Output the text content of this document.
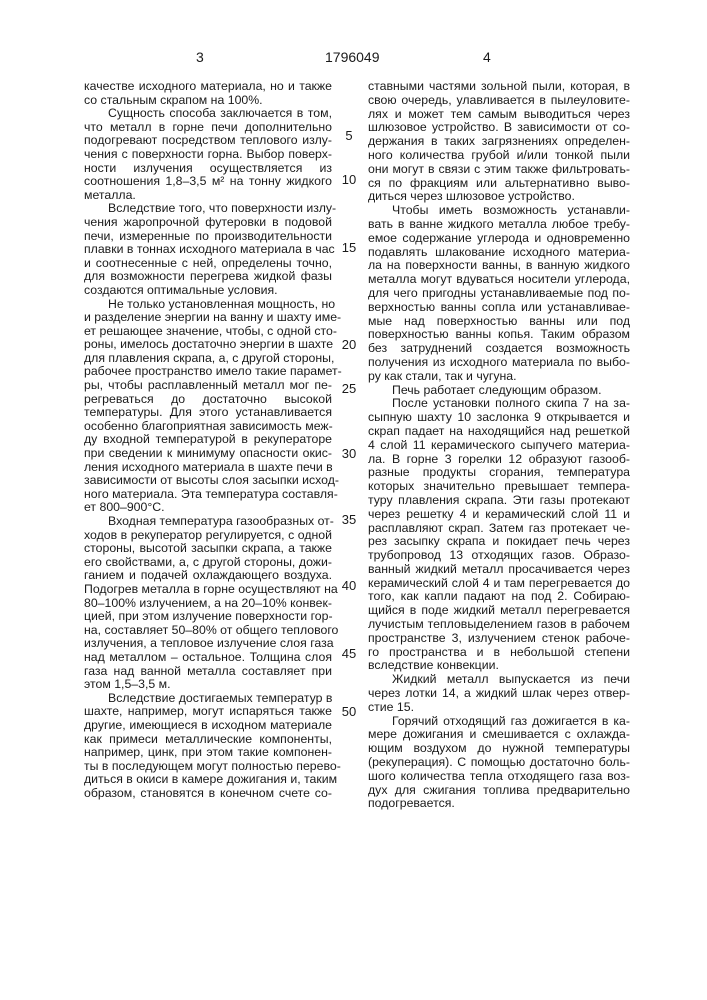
3	1796049	4
качестве исходного материала, но и также
со стальным скрапом на 100%.
Сущность способа заключается в том,
что металл в горне печи дополнительно
подогревают посредством теплового излу-
чения с поверхности горна. Выбор поверх-
ности излучения осуществляется из
соотношения 1,8–3,5 м² на тонну жидкого
металла.
Вследствие того, что поверхности излу-
чения жаропрочной футеровки в подовой
печи, измеренные по производительности
плавки в тоннах исходного материала в час
и соотнесенные с ней, определены точно,
для возможности перегрева жидкой фазы
создаются оптимальные условия.
Не только установленная мощность, но
и разделение энергии на ванну и шахту име-
ет решающее значение, чтобы, с одной сто-
роны, имелось достаточно энергии в шахте
для плавления скрапа, а, с другой стороны,
рабочее пространство имело такие парамет-
ры, чтобы расплавленный металл мог пе-
регреваться до достаточно высокой
температуры. Для этого устанавливается
особенно благоприятная зависимость меж-
ду входной температурой в рекуператоре
при сведении к минимуму опасности окис-
ления исходного материала в шахте печи в
зависимости от высоты слоя засыпки исход-
ного материала. Эта температура составля-
ет 800–900°С.
Входная температура газообразных от-
ходов в рекуператор регулируется, с одной
стороны, высотой засыпки скрапа, а также
его свойствами, а, с другой стороны, дожи-
ганием и подачей охлаждающего воздуха.
Подогрев металла в горне осуществляют на
80–100% излучением, а на 20–10% конвек-
цией, при этом излучение поверхности гор-
на, составляет 50–80% от общего теплового
излучения, а тепловое излучение слоя газа
над металлом – остальное. Толщина слоя
газа над ванной металла составляет при
этом 1,5–3,5 м.
Вследствие достигаемых температур в
шахте, например, могут испаряться также
другие, имеющиеся в исходном материале
как примеси металлические компоненты,
например, цинк, при этом такие компонен-
ты в последующем могут полностью перево-
диться в окиси в камере дожигания и, таким
образом, становятся в конечном счете со-
ставными частями зольной пыли, которая, в
свою очередь, улавливается в пылеуловите-
лях и может тем самым выводиться через
шлюзовое устройство. В зависимости от со-
держания в таких загрязнениях определен-
ного количества грубой и/или тонкой пыли
они могут в связи с этим также фильтровать-
ся по фракциям или альтернативно выво-
диться через шлюзовое устройство.
Чтобы иметь возможность устанавли-
вать в ванне жидкого металла любое требу-
емое содержание углерода и одновременно
подавлять шлакование исходного материа-
ла на поверхности ванны, в ванную жидкого
металла могут вдуваться носители углерода,
для чего пригодны устанавливаемые под по-
верхностью ванны сопла или устанавливае-
мые над поверхностью ванны или под
поверхностью ванны копья. Таким образом
без затруднений создается возможность
получения из исходного материала по выбо-
ру как стали, так и чугуна.
Печь работает следующим образом.
После установки полного скипа 7 на за-
сыпную шахту 10 заслонка 9 открывается и
скрап падает на находящийся над решеткой
4 слой 11 керамического сыпучего материа-
ла. В горне 3 горелки 12 образуют газооб-
разные продукты сгорания, температура
которых значительно превышает темпера-
туру плавления скрапа. Эти газы протекают
через решетку 4 и керамический слой 11 и
расплавляют скрап. Затем газ протекает че-
рез засыпку скрапа и покидает печь через
трубопровод 13 отходящих газов. Образо-
ванный жидкий металл просачивается через
керамический слой 4 и там перегревается до
того, как капли падают на под 2. Собираю-
щийся в поде жидкий металл перегревается
лучистым тепловыделением газов в рабочем
пространстве 3, излучением стенок рабоче-
го пространства и в небольшой степени
вследствие конвекции.
Жидкий металл выпускается из печи
через лотки 14, а жидкий шлак через отвер-
стие 15.
Горячий отходящий газ дожигается в ка-
мере дожигания и смешивается с охлажда-
ющим воздухом до нужной температуры
(рекуперация). С помощью достаточно боль-
шого количества тепла отходящего газа воз-
дух для сжигания топлива предварительно
подогревается.
5
10
15
20
25
30
35
40
45
50
